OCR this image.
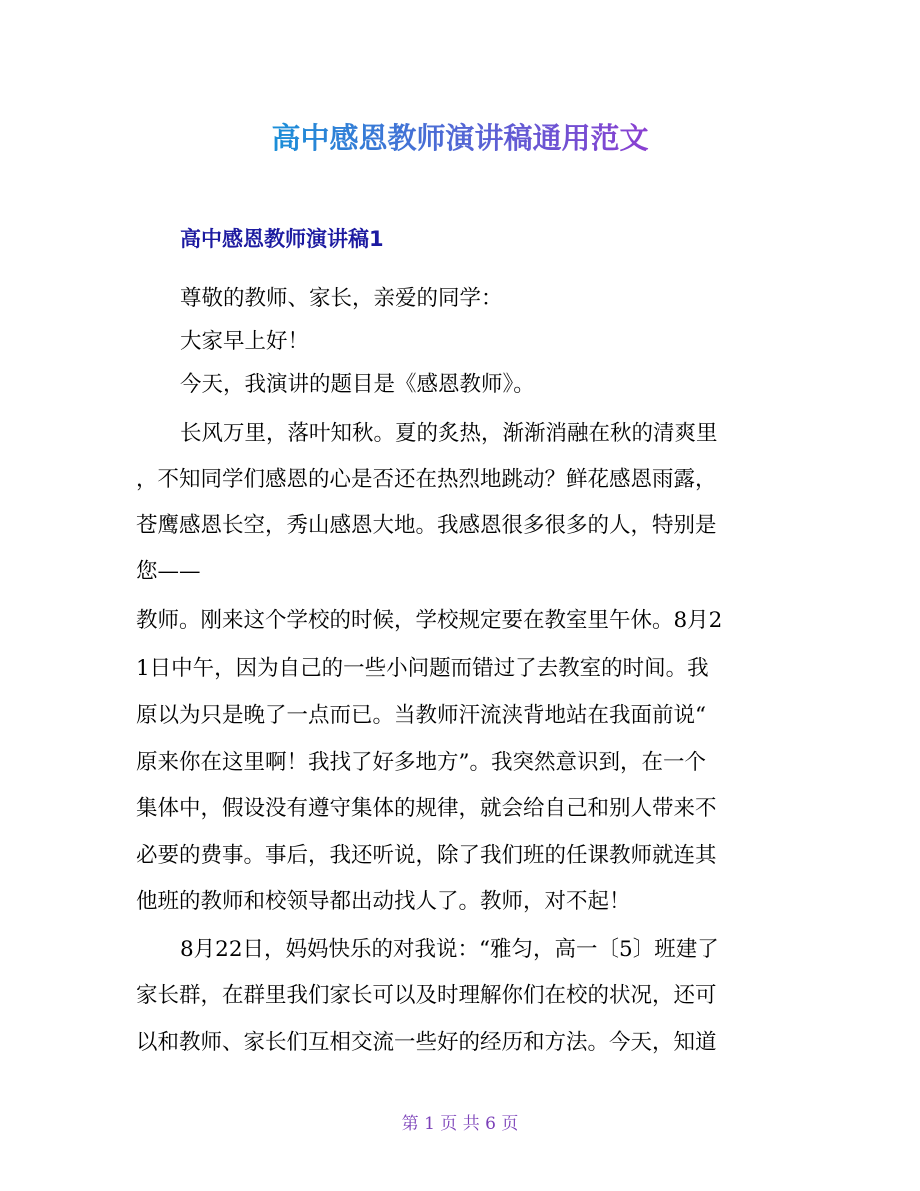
高中感恩教师演讲稿通用范文
高中感恩教师演讲稿1
尊敬的教师、家长，亲爱的同学：
大家早上好！
今天，我演讲的题目是《感恩教师》。
长风万里，落叶知秋。夏的炙热，渐渐消融在秋的清爽里
，不知同学们感恩的心是否还在热烈地跳动？鲜花感恩雨露，
苍鹰感恩长空，秀山感恩大地。我感恩很多很多的人，特别是
您——
教师。刚来这个学校的时候，学校规定要在教室里午休。8月2
1日中午，因为自己的一些小问题而错过了去教室的时间。我
原以为只是晚了一点而已。当教师汗流浃背地站在我面前说“
原来你在这里啊！我找了好多地方”。我突然意识到，在一个
集体中，假设没有遵守集体的规律，就会给自己和别人带来不
必要的费事。事后，我还听说，除了我们班的任课教师就连其
他班的教师和校领导都出动找人了。教师，对不起！
8月22日，妈妈快乐的对我说：“雅匀，高一〔5〕班建了
家长群，在群里我们家长可以及时理解你们在校的状况，还可
以和教师、家长们互相交流一些好的经历和方法。今天，知道
第 1 页 共 6 页
